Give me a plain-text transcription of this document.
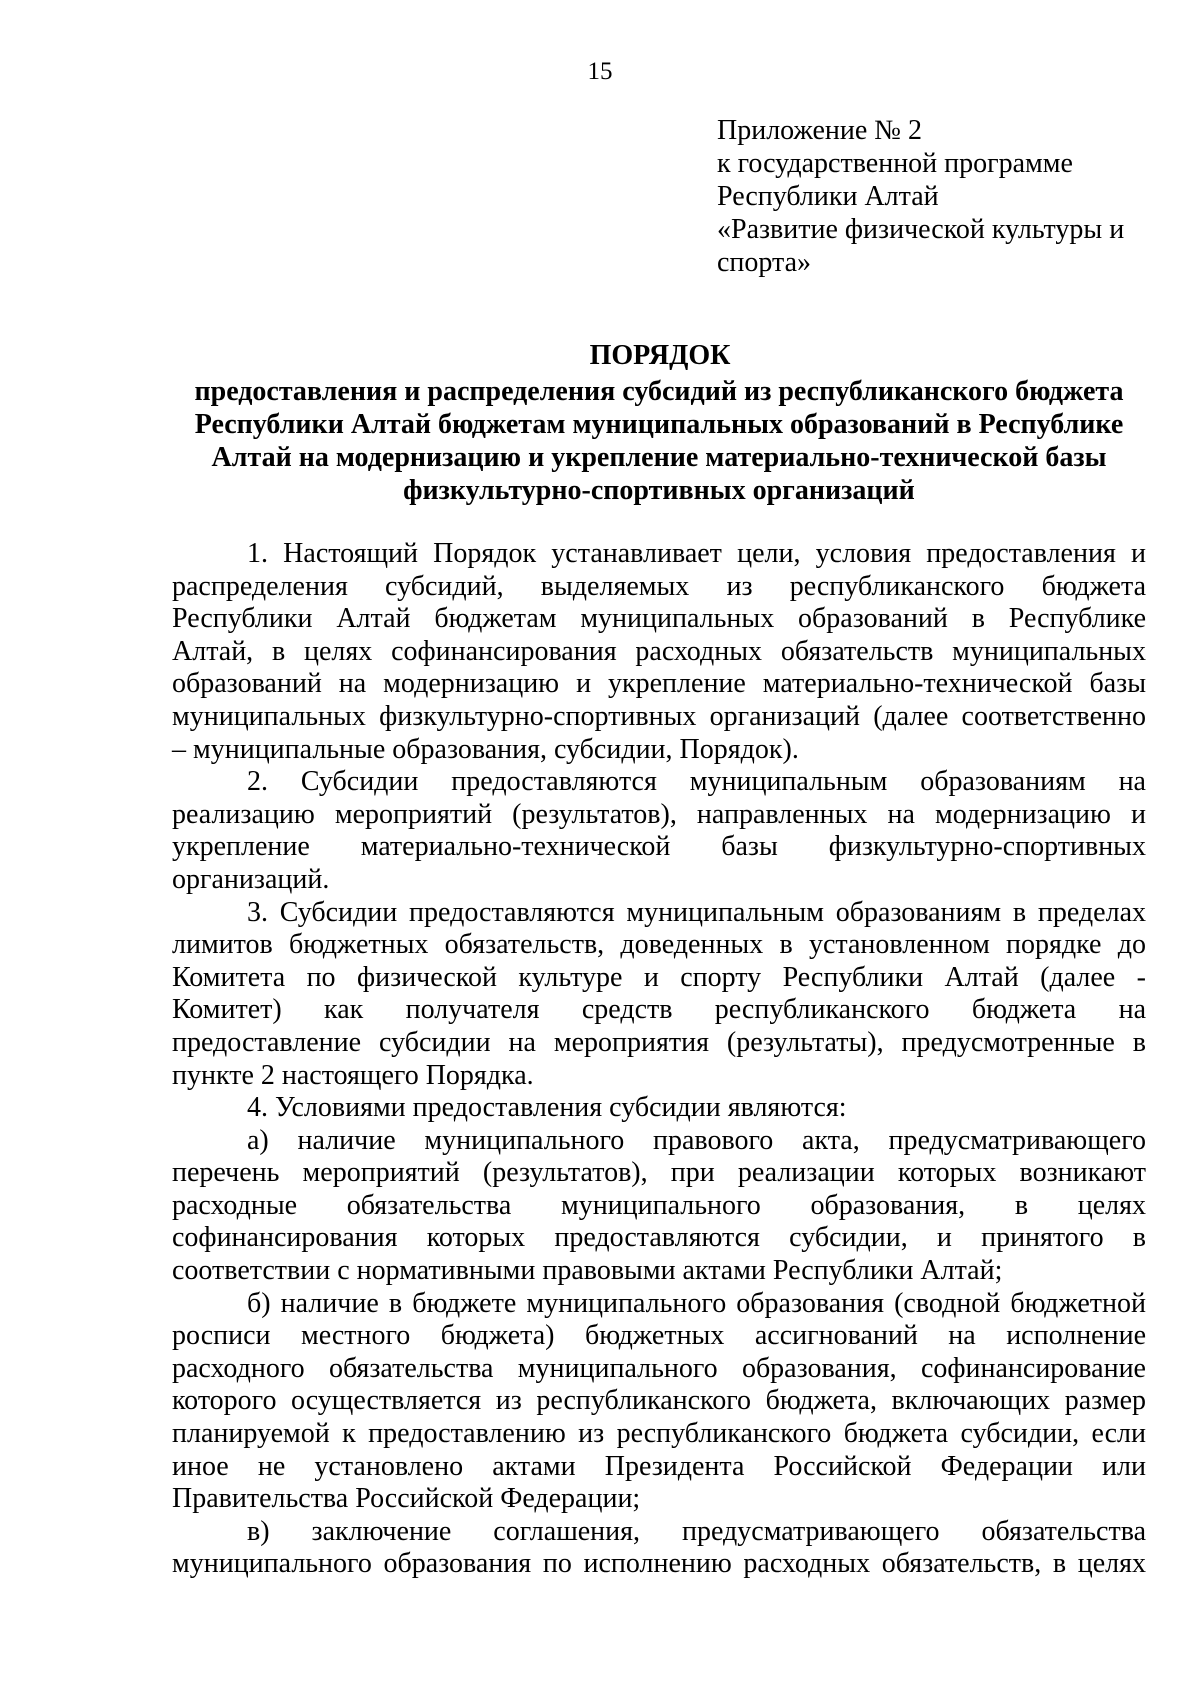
15
Приложение № 2
к государственной программе
Республики Алтай
«Развитие физической культуры и
спорта»
ПОРЯДОК
предоставления и распределения субсидий из республиканского бюджета
Республики Алтай бюджетам муниципальных образований в Республике
Алтай на модернизацию и укрепление материально-технической базы
физкультурно-спортивных организаций
1. Настоящий Порядок устанавливает цели, условия предоставления и
распределения субсидий, выделяемых из республиканского бюджета
Республики Алтай бюджетам муниципальных образований в Республике
Алтай, в целях софинансирования расходных обязательств муниципальных
образований на модернизацию и укрепление материально-технической базы
муниципальных физкультурно-спортивных организаций (далее соответственно
– муниципальные образования, субсидии, Порядок).
2. Субсидии предоставляются муниципальным образованиям на
реализацию мероприятий (результатов), направленных на модернизацию и
укрепление материально-технической базы физкультурно-спортивных
организаций.
3. Субсидии предоставляются муниципальным образованиям в пределах
лимитов бюджетных обязательств, доведенных в установленном порядке до
Комитета по физической культуре и спорту Республики Алтай (далее -
Комитет) как получателя средств республиканского бюджета на
предоставление субсидии на мероприятия (результаты), предусмотренные в
пункте 2 настоящего Порядка.
4. Условиями предоставления субсидии являются:
а) наличие муниципального правового акта, предусматривающего
перечень мероприятий (результатов), при реализации которых возникают
расходные обязательства муниципального образования, в целях
софинансирования которых предоставляются субсидии, и принятого в
соответствии с нормативными правовыми актами Республики Алтай;
б) наличие в бюджете муниципального образования (сводной бюджетной
росписи местного бюджета) бюджетных ассигнований на исполнение
расходного обязательства муниципального образования, софинансирование
которого осуществляется из республиканского бюджета, включающих размер
планируемой к предоставлению из республиканского бюджета субсидии, если
иное не установлено актами Президента Российской Федерации или
Правительства Российской Федерации;
в) заключение соглашения, предусматривающего обязательства
муниципального образования по исполнению расходных обязательств, в целях
